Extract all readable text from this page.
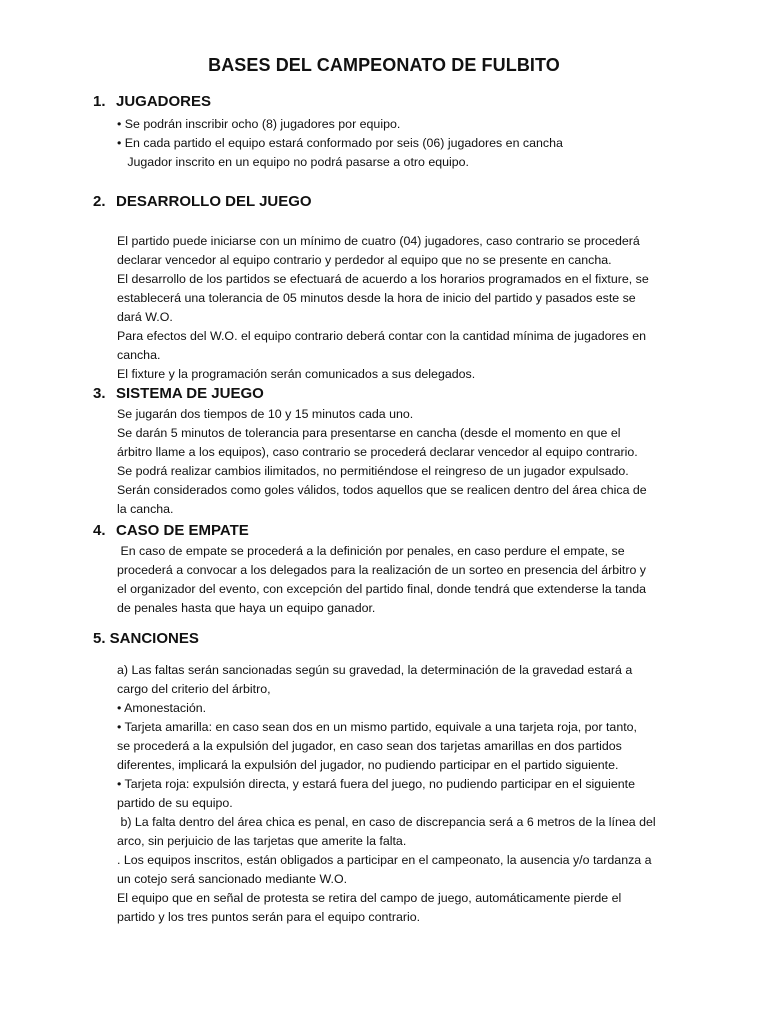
BASES DEL CAMPEONATO DE FULBITO
1. JUGADORES
• Se podrán inscribir ocho (8) jugadores por equipo.
• En cada partido el equipo estará conformado por seis (06) jugadores en cancha
Jugador inscrito en un equipo no podrá pasarse a otro equipo.
2. DESARROLLO DEL JUEGO
El partido puede iniciarse con un mínimo de cuatro (04) jugadores, caso contrario se procederá
declarar vencedor al equipo contrario y perdedor al equipo que no se presente en cancha.
El desarrollo de los partidos se efectuará de acuerdo a los horarios programados en el fixture, se
establecerá una tolerancia de 05 minutos desde la hora de inicio del partido y pasados este se
dará W.O.
Para efectos del W.O. el equipo contrario deberá contar con la cantidad mínima de jugadores en
cancha.
El fixture y la programación serán comunicados a sus delegados.
3. SISTEMA DE JUEGO
Se jugarán dos tiempos de 10 y 15 minutos cada uno.
Se darán 5 minutos de tolerancia para presentarse en cancha (desde el momento en que el
árbitro llame a los equipos), caso contrario se procederá declarar vencedor al equipo contrario.
Se podrá realizar cambios ilimitados, no permitiéndose el reingreso de un jugador expulsado.
Serán considerados como goles válidos, todos aquellos que se realicen dentro del área chica de
la cancha.
4. CASO DE EMPATE
En caso de empate se procederá a la definición por penales, en caso perdure el empate, se
procederá a convocar a los delegados para la realización de un sorteo en presencia del árbitro y
el organizador del evento, con excepción del partido final, donde tendrá que extenderse la tanda
de penales hasta que haya un equipo ganador.
5. SANCIONES
a) Las faltas serán sancionadas según su gravedad, la determinación de la gravedad estará a
cargo del criterio del árbitro,
• Amonestación.
• Tarjeta amarilla: en caso sean dos en un mismo partido, equivale a una tarjeta roja, por tanto,
se procederá a la expulsión del jugador, en caso sean dos tarjetas amarillas en dos partidos
diferentes, implicará la expulsión del jugador, no pudiendo participar en el partido siguiente.
• Tarjeta roja: expulsión directa, y estará fuera del juego, no pudiendo participar en el siguiente
partido de su equipo.
b) La falta dentro del área chica es penal, en caso de discrepancia será a 6 metros de la línea del
arco, sin perjuicio de las tarjetas que amerite la falta.
. Los equipos inscritos, están obligados a participar en el campeonato, la ausencia y/o tardanza a
un cotejo será sancionado mediante W.O.
El equipo que en señal de protesta se retira del campo de juego, automáticamente pierde el
partido y los tres puntos serán para el equipo contrario.
